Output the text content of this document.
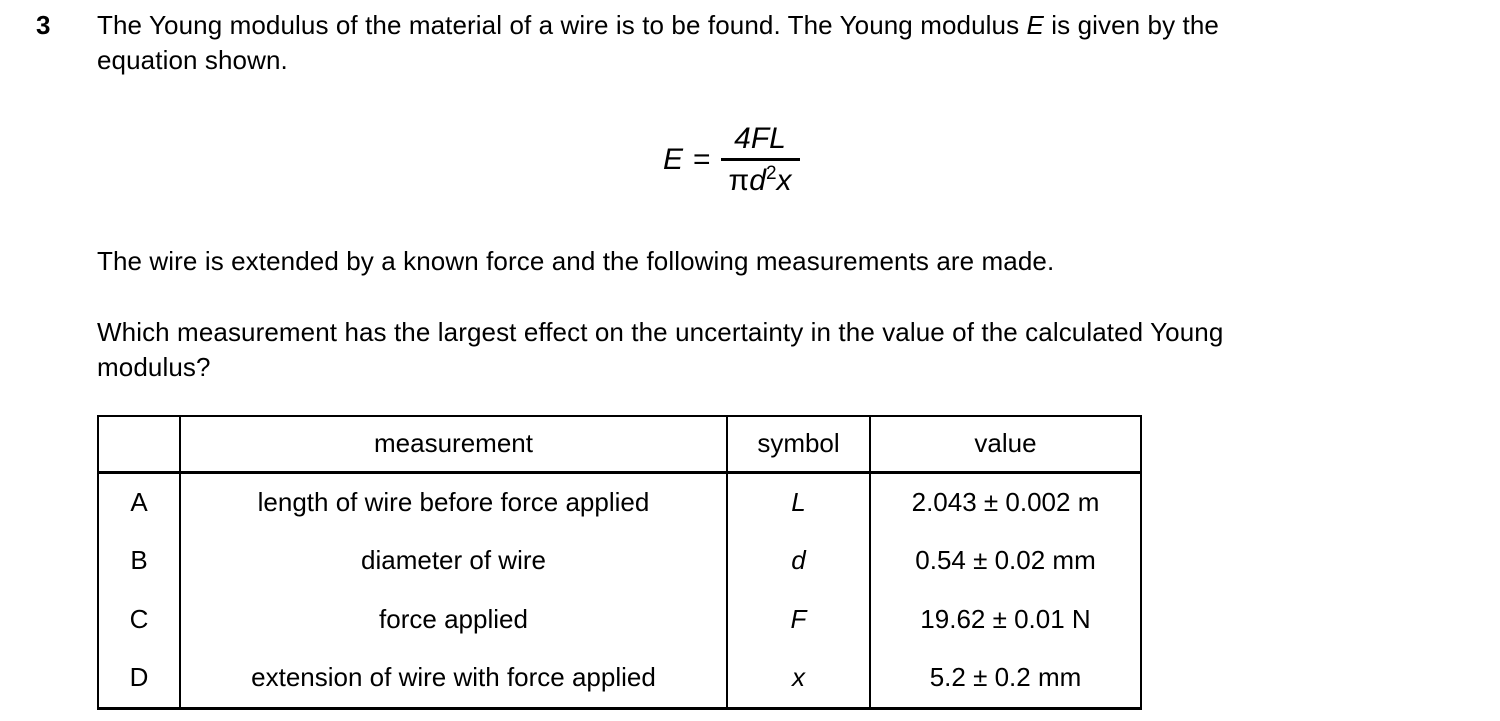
3 The Young modulus of the material of a wire is to be found. The Young modulus E is given by the
equation shown.

$E = \frac{4FL}{\pi d^2x}$

The wire is extended by a known force and the following measurements are made.

Which measurement has the largest effect on the uncertainty in the value of the calculated Young
modulus?

	measurement	symbol	value
A	length of wire before force applied	L	2.043 ± 0.002 m
B	diameter of wire	d	0.54 ± 0.02 mm
C	force applied	F	19.62 ± 0.01 N
D	extension of wire with force applied	x	5.2 ± 0.2 mm
